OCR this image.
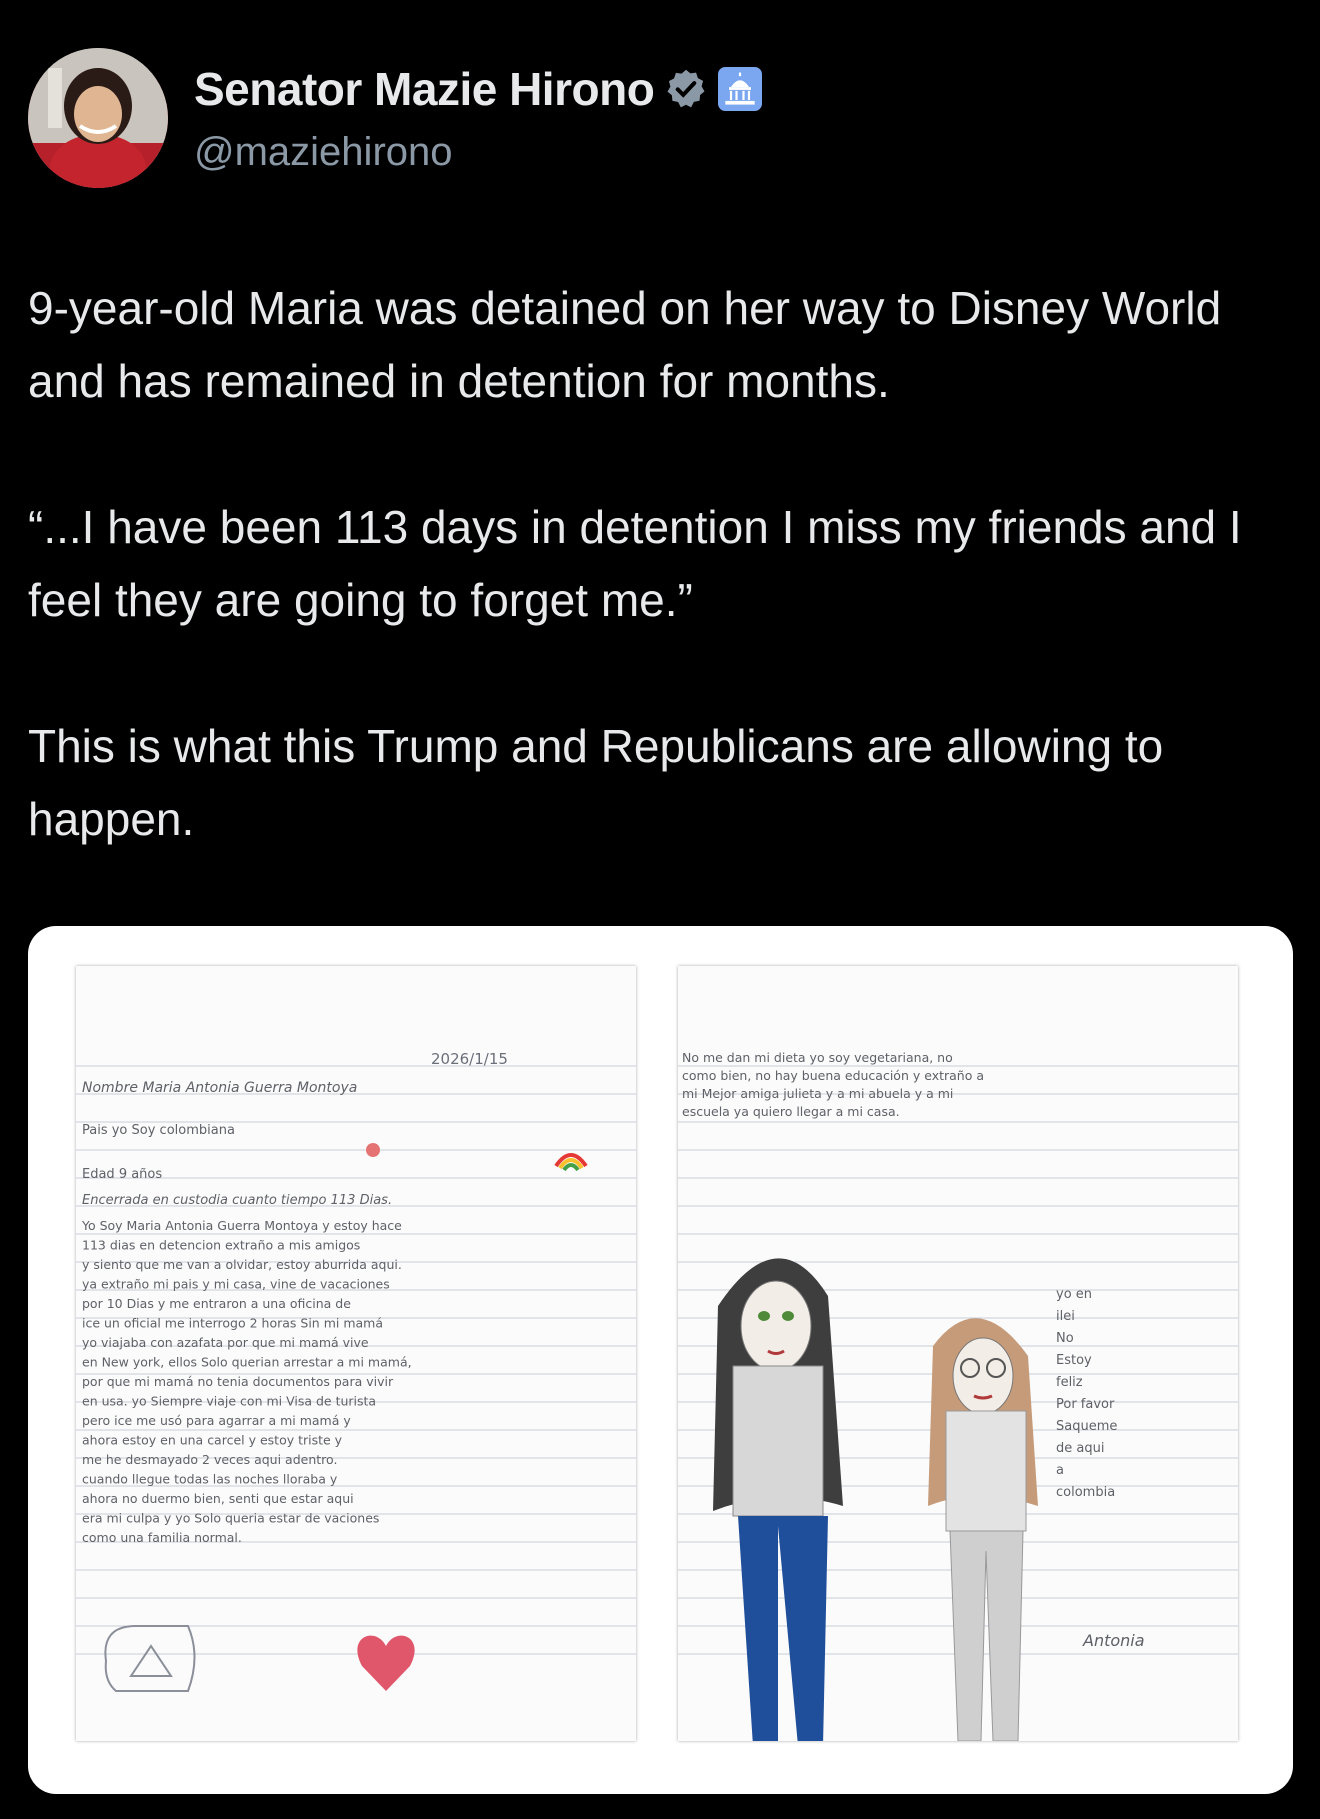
Senator Mazie Hirono
@maziehirono
9-year-old Maria was detained on her way to Disney World and has remained in detention for months.

“...I have been 113 days in detention I miss my friends and I feel they are going to forget me.”

This is what this Trump and Republicans are allowing to happen.
2026/1/15
Nombre Maria Antonia Guerra Montoya
Pais yo Soy colombiana
Edad 9 años
Encerrada en custodia cuanto tiempo 113 Dias.
Yo Soy Maria Antonia Guerra Montoya y estoy hace
113 dias en detencion extraño a mis amigos
y siento que me van a olvidar, estoy aburrida aqui.
ya extraño mi pais y mi casa, vine de vacaciones
por 10 Dias y me entraron a una oficina de
ice un oficial me interrogo 2 horas Sin mi mamá
yo viajaba con azafata por que mi mamá vive
en New york, ellos Solo querian arrestar a mi mamá,
por que mi mamá no tenia documentos para vivir
en usa. yo Siempre viaje con mi Visa de turista
pero ice me usó para agarrar a mi mamá y
ahora estoy en una carcel y estoy triste y
me he desmayado 2 veces aqui adentro.
cuando llegue todas las noches lloraba y
ahora no duermo bien, senti que estar aqui
era mi culpa y yo Solo queria estar de vaciones
como una familia normal.
No me dan mi dieta yo soy vegetariana, no
como bien, no hay buena educación y extraño a
mi Mejor amiga julieta y a mi abuela y a mi
escuela ya quiero llegar a mi casa.
yo en
ilei
No
Estoy
feliz
Por favor
Saqueme
de aqui
a
colombia
Antonia
